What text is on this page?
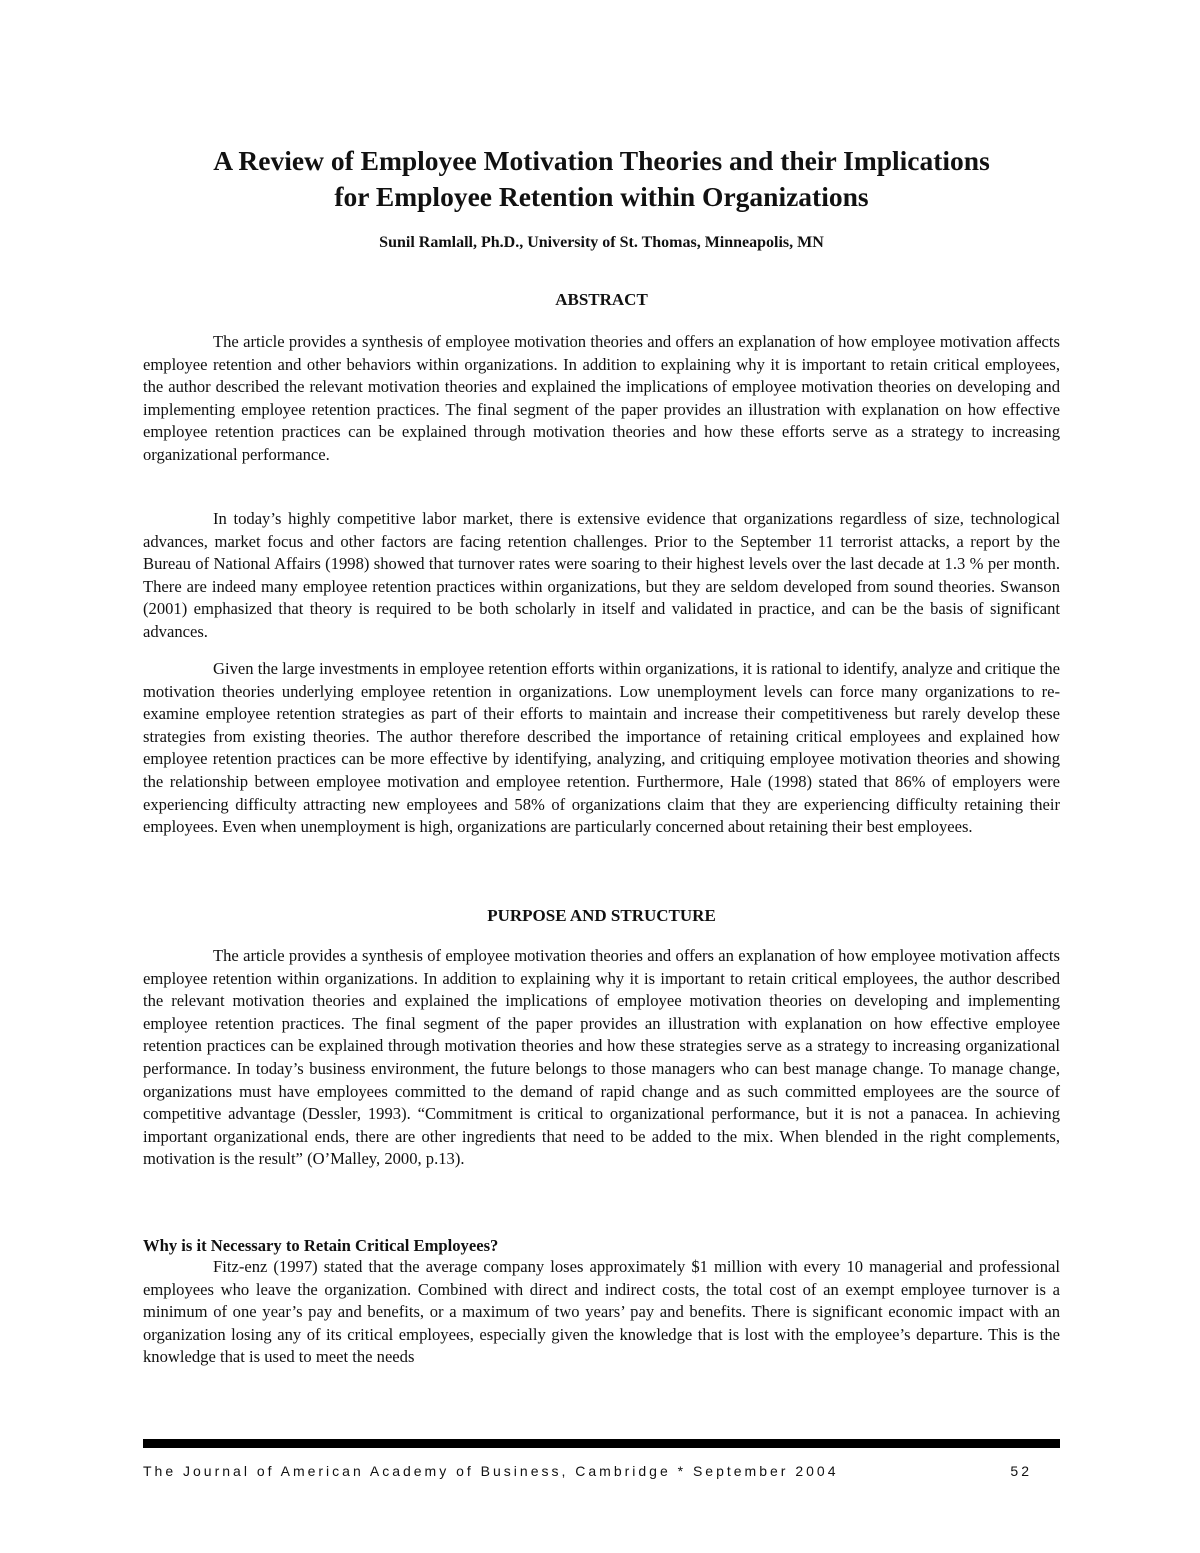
A Review of Employee Motivation Theories and their Implications
for Employee Retention within Organizations
Sunil Ramlall, Ph.D., University of St. Thomas, Minneapolis, MN
ABSTRACT

The article provides a synthesis of employee motivation theories and offers an explanation of how employee motivation affects employee retention and other behaviors within organizations. In addition to explaining why it is important to retain critical employees, the author described the relevant motivation theories and explained the implications of employee motivation theories on developing and implementing employee retention practices. The final segment of the paper provides an illustration with explanation on how effective employee retention practices can be explained through motivation theories and how these efforts serve as a strategy to increasing organizational performance.

In today’s highly competitive labor market, there is extensive evidence that organizations regardless of size, technological advances, market focus and other factors are facing retention challenges. Prior to the September 11 terrorist attacks, a report by the Bureau of National Affairs (1998) showed that turnover rates were soaring to their highest levels over the last decade at 1.3 % per month. There are indeed many employee retention practices within organizations, but they are seldom developed from sound theories. Swanson (2001) emphasized that theory is required to be both scholarly in itself and validated in practice, and can be the basis of significant advances.

Given the large investments in employee retention efforts within organizations, it is rational to identify, analyze and critique the motivation theories underlying employee retention in organizations. Low unemployment levels can force many organizations to re-examine employee retention strategies as part of their efforts to maintain and increase their competitiveness but rarely develop these strategies from existing theories. The author therefore described the importance of retaining critical employees and explained how employee retention practices can be more effective by identifying, analyzing, and critiquing employee motivation theories and showing the relationship between employee motivation and employee retention. Furthermore, Hale (1998) stated that 86% of employers were experiencing difficulty attracting new employees and 58% of organizations claim that they are experiencing difficulty retaining their employees. Even when unemployment is high, organizations are particularly concerned about retaining their best employees.

PURPOSE AND STRUCTURE

The article provides a synthesis of employee motivation theories and offers an explanation of how employee motivation affects employee retention within organizations. In addition to explaining why it is important to retain critical employees, the author described the relevant motivation theories and explained the implications of employee motivation theories on developing and implementing employee retention practices. The final segment of the paper provides an illustration with explanation on how effective employee retention practices can be explained through motivation theories and how these strategies serve as a strategy to increasing organizational performance. In today’s business environment, the future belongs to those managers who can best manage change. To manage change, organizations must have employees committed to the demand of rapid change and as such committed employees are the source of competitive advantage (Dessler, 1993). “Commitment is critical to organizational performance, but it is not a panacea. In achieving important organizational ends, there are other ingredients that need to be added to the mix. When blended in the right complements, motivation is the result” (O’Malley, 2000, p.13).

Why is it Necessary to Retain Critical Employees?

Fitz-enz (1997) stated that the average company loses approximately $1 million with every 10 managerial and professional employees who leave the organization. Combined with direct and indirect costs, the total cost of an exempt employee turnover is a minimum of one year’s pay and benefits, or a maximum of two years’ pay and benefits. There is significant economic impact with an organization losing any of its critical employees, especially given the knowledge that is lost with the employee’s departure. This is the knowledge that is used to meet the needs

The Journal of American Academy of Business, Cambridge * September 2004	52
